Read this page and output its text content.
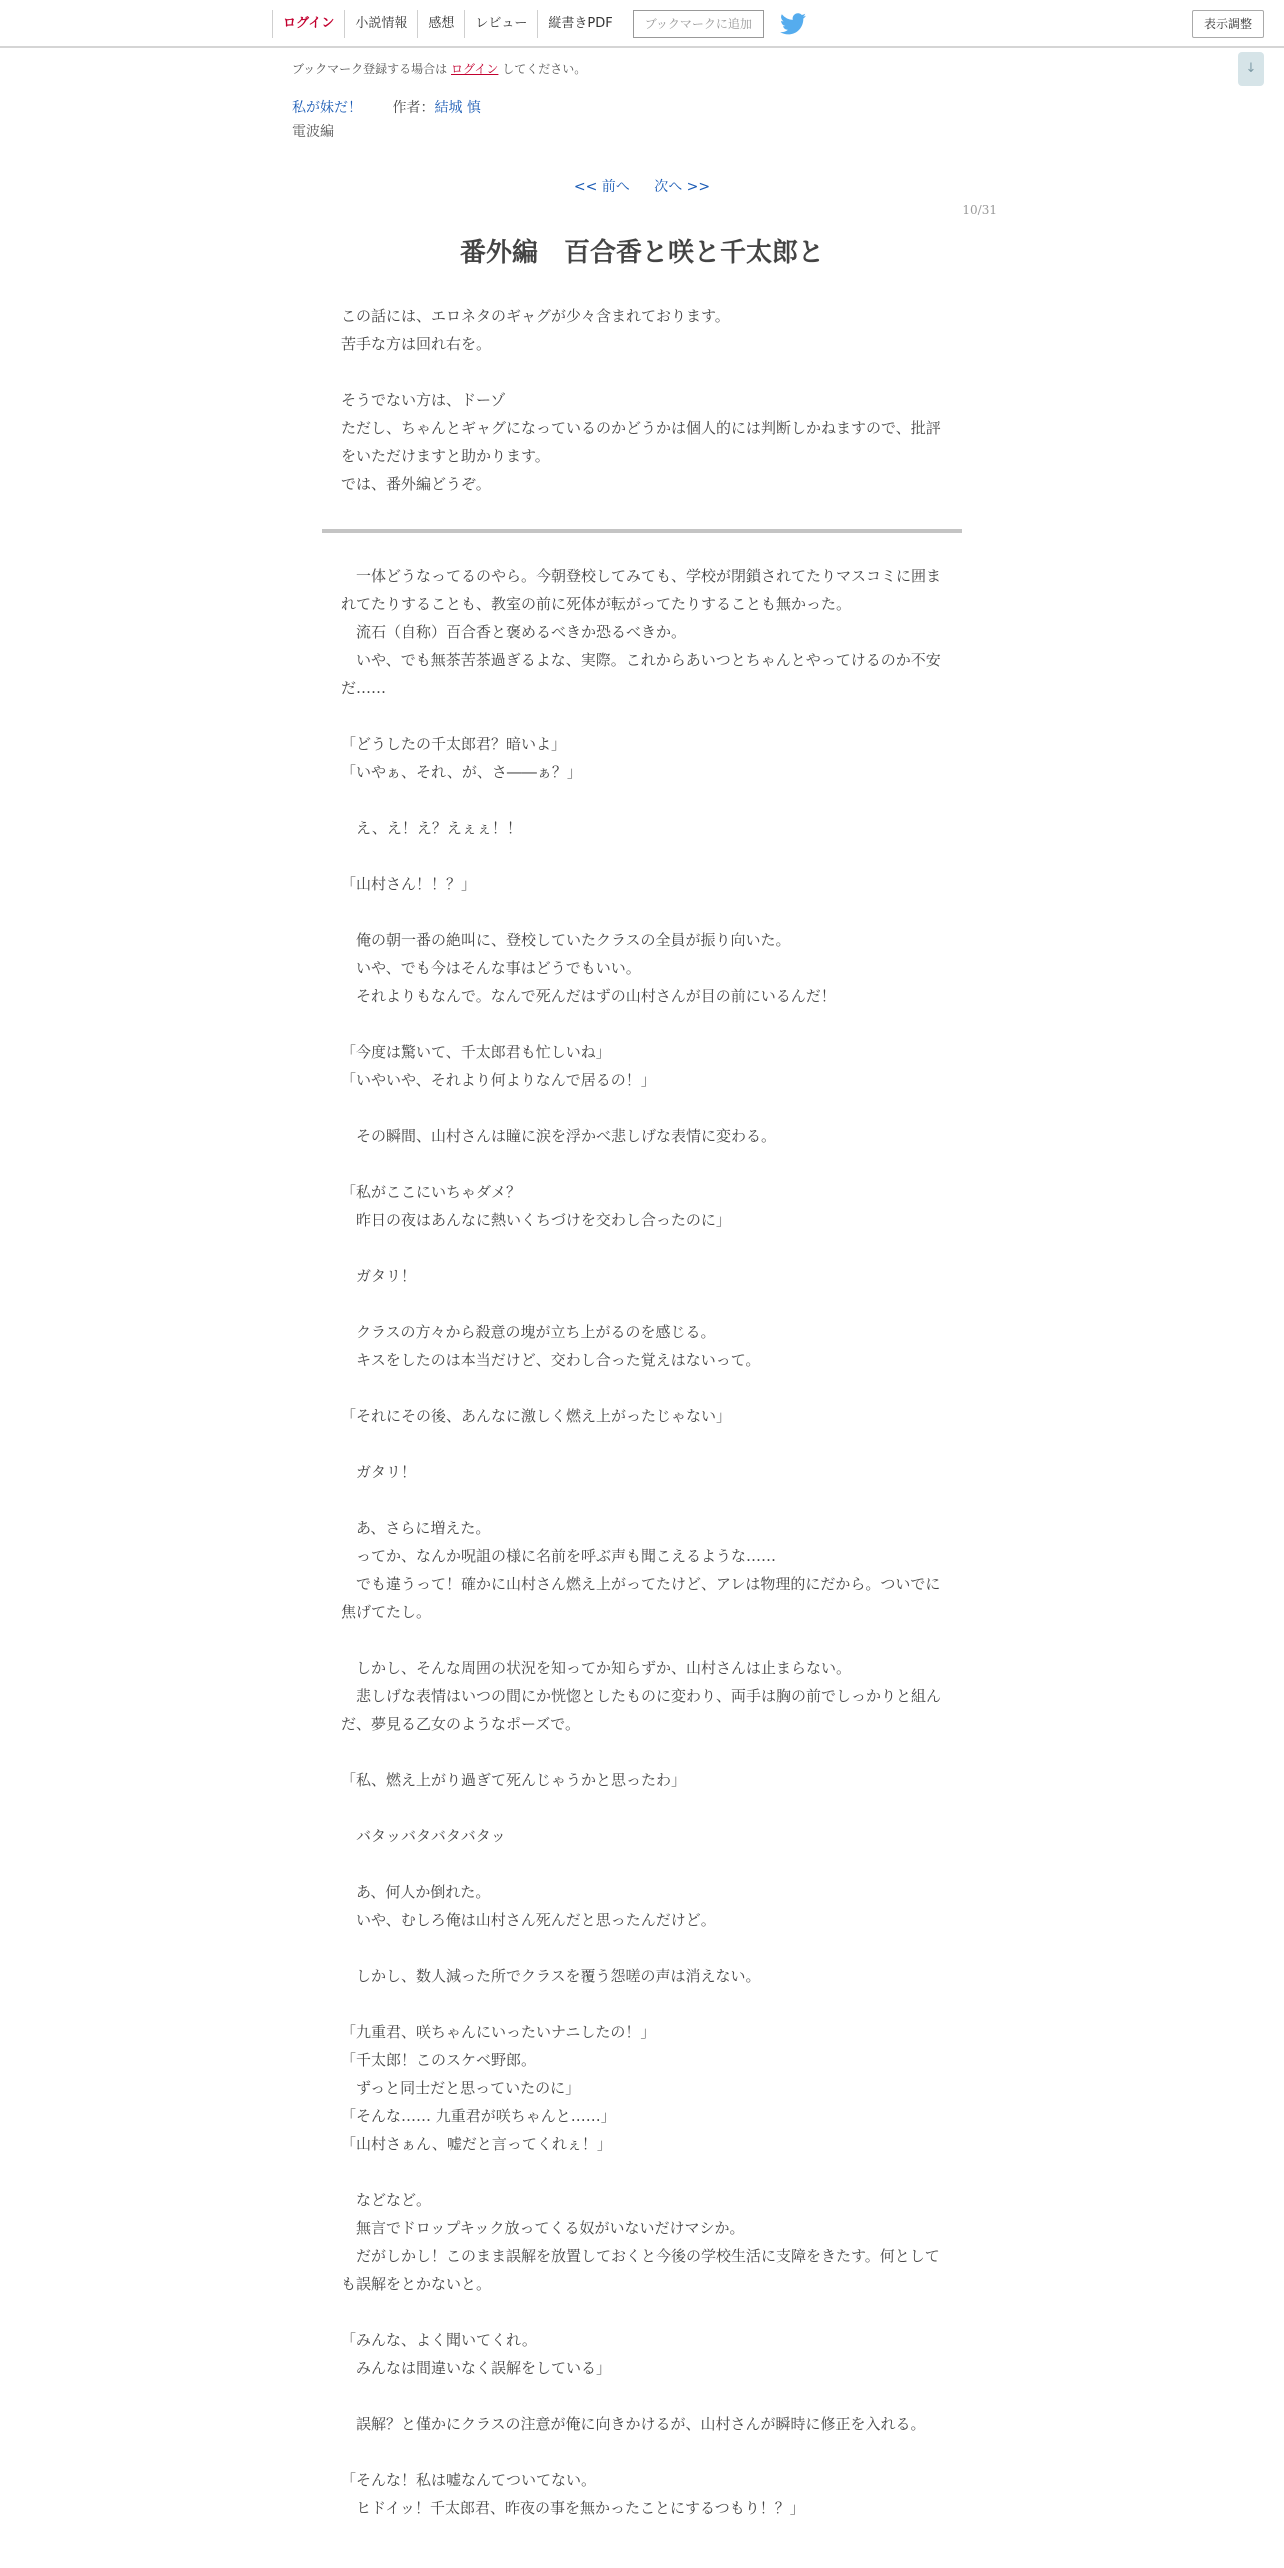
ログイン	小説情報	感想	レビュー	縦書きPDF	ブックマークに追加	表示調整
↓
ブックマーク登録する場合は ログイン してください。
私が妹だ！ 作者：結城 慎
電波編
<< 前へ 次へ >>
10/31
番外編　百合香と咲と千太郎と

この話には、エロネタのギャグが少々含まれております。

苦手な方は回れ右を。

そうでない方は、ドーゾ

ただし、ちゃんとギャグになっているのかどうかは個人的には判断しかねますので、批評をいただけますと助かります。

では、番外編どうぞ。

　一体どうなってるのやら。今朝登校してみても、学校が閉鎖されてたりマスコミに囲まれてたりすることも、教室の前に死体が転がってたりすることも無かった。

　流石（自称）百合香と褒めるべきか恐るべきか。

　いや、でも無茶苦茶過ぎるよな、実際。これからあいつとちゃんとやってけるのか不安だ……

「どうしたの千太郎君？暗いよ」

「いやぁ、それ、が、さ――ぁ？」

　え、え！え？えぇぇ！！

「山村さん！！？」

　俺の朝一番の絶叫に、登校していたクラスの全員が振り向いた。

　いや、でも今はそんな事はどうでもいい。

　それよりもなんで。なんで死んだはずの山村さんが目の前にいるんだ！

「今度は驚いて、千太郎君も忙しいね」

「いやいや、それより何よりなんで居るの！」

　その瞬間、山村さんは瞳に涙を浮かべ悲しげな表情に変わる。

「私がここにいちゃダメ？

　昨日の夜はあんなに熱いくちづけを交わし合ったのに」

　ガタリ！

　クラスの方々から殺意の塊が立ち上がるのを感じる。

　キスをしたのは本当だけど、交わし合った覚えはないって。

「それにその後、あんなに激しく燃え上がったじゃない」

　ガタリ！

　あ、さらに増えた。

　ってか、なんか呪詛の様に名前を呼ぶ声も聞こえるような……

　でも違うって！確かに山村さん燃え上がってたけど、アレは物理的にだから。ついでに焦げてたし。

　しかし、そんな周囲の状況を知ってか知らずか、山村さんは止まらない。

　悲しげな表情はいつの間にか恍惚としたものに変わり、両手は胸の前でしっかりと組んだ、夢見る乙女のようなポーズで。

「私、燃え上がり過ぎて死んじゃうかと思ったわ」

　バタッバタバタバタッ

　あ、何人か倒れた。

　いや、むしろ俺は山村さん死んだと思ったんだけど。

　しかし、数人減った所でクラスを覆う怨嗟の声は消えない。

「九重君、咲ちゃんにいったいナニしたの！」

「千太郎！このスケベ野郎。

　ずっと同士だと思っていたのに」

「そんな…… 九重君が咲ちゃんと……」

「山村さぁん、嘘だと言ってくれぇ！」

　などなど。

　無言でドロップキック放ってくる奴がいないだけマシか。

　だがしかし！このまま誤解を放置しておくと今後の学校生活に支障をきたす。何としても誤解をとかないと。

「みんな、よく聞いてくれ。

　みんなは間違いなく誤解をしている」

　誤解？と僅かにクラスの注意が俺に向きかけるが、山村さんが瞬時に修正を入れる。

「そんな！私は嘘なんてついてない。

　ヒドイッ！千太郎君、昨夜の事を無かったことにするつもり！？」
